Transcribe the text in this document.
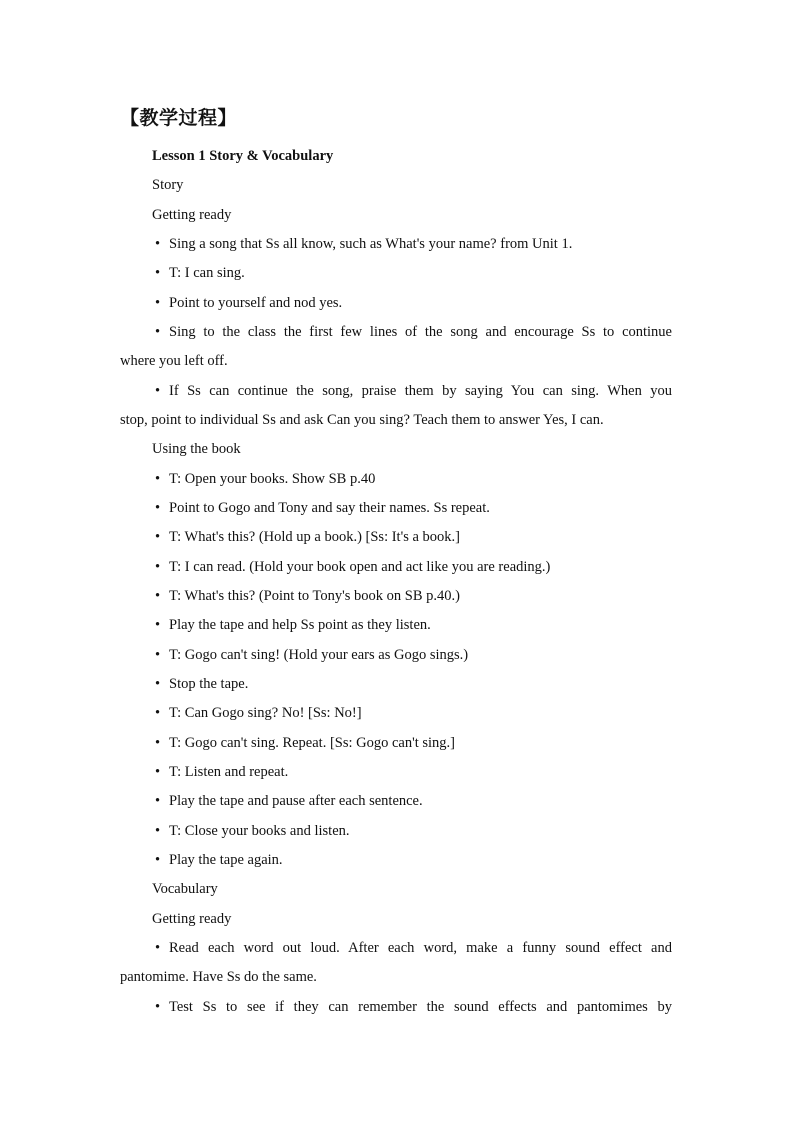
【教学过程】
Lesson 1 Story & Vocabulary
Story
Getting ready
• Sing a song that Ss all know, such as What's your name? from Unit 1.
• T: I can sing.
• Point to yourself and nod yes.
• Sing to the class the first few lines of the song and encourage Ss to continue
where you left off.
• If Ss can continue the song, praise them by saying You can sing. When you
stop, point to individual Ss and ask Can you sing? Teach them to answer Yes, I can.
Using the book
• T: Open your books. Show SB p.40
• Point to Gogo and Tony and say their names. Ss repeat.
• T: What's this? (Hold up a book.) [Ss: It's a book.]
• T: I can read. (Hold your book open and act like you are reading.)
• T: What's this? (Point to Tony's book on SB p.40.)
• Play the tape and help Ss point as they listen.
• T: Gogo can't sing! (Hold your ears as Gogo sings.)
• Stop the tape.
• T: Can Gogo sing? No! [Ss: No!]
• T: Gogo can't sing. Repeat. [Ss: Gogo can't sing.]
• T: Listen and repeat.
• Play the tape and pause after each sentence.
• T: Close your books and listen.
• Play the tape again.
Vocabulary
Getting ready
• Read each word out loud. After each word, make a funny sound effect and
pantomime. Have Ss do the same.
• Test Ss to see if they can remember the sound effects and pantomimes by
